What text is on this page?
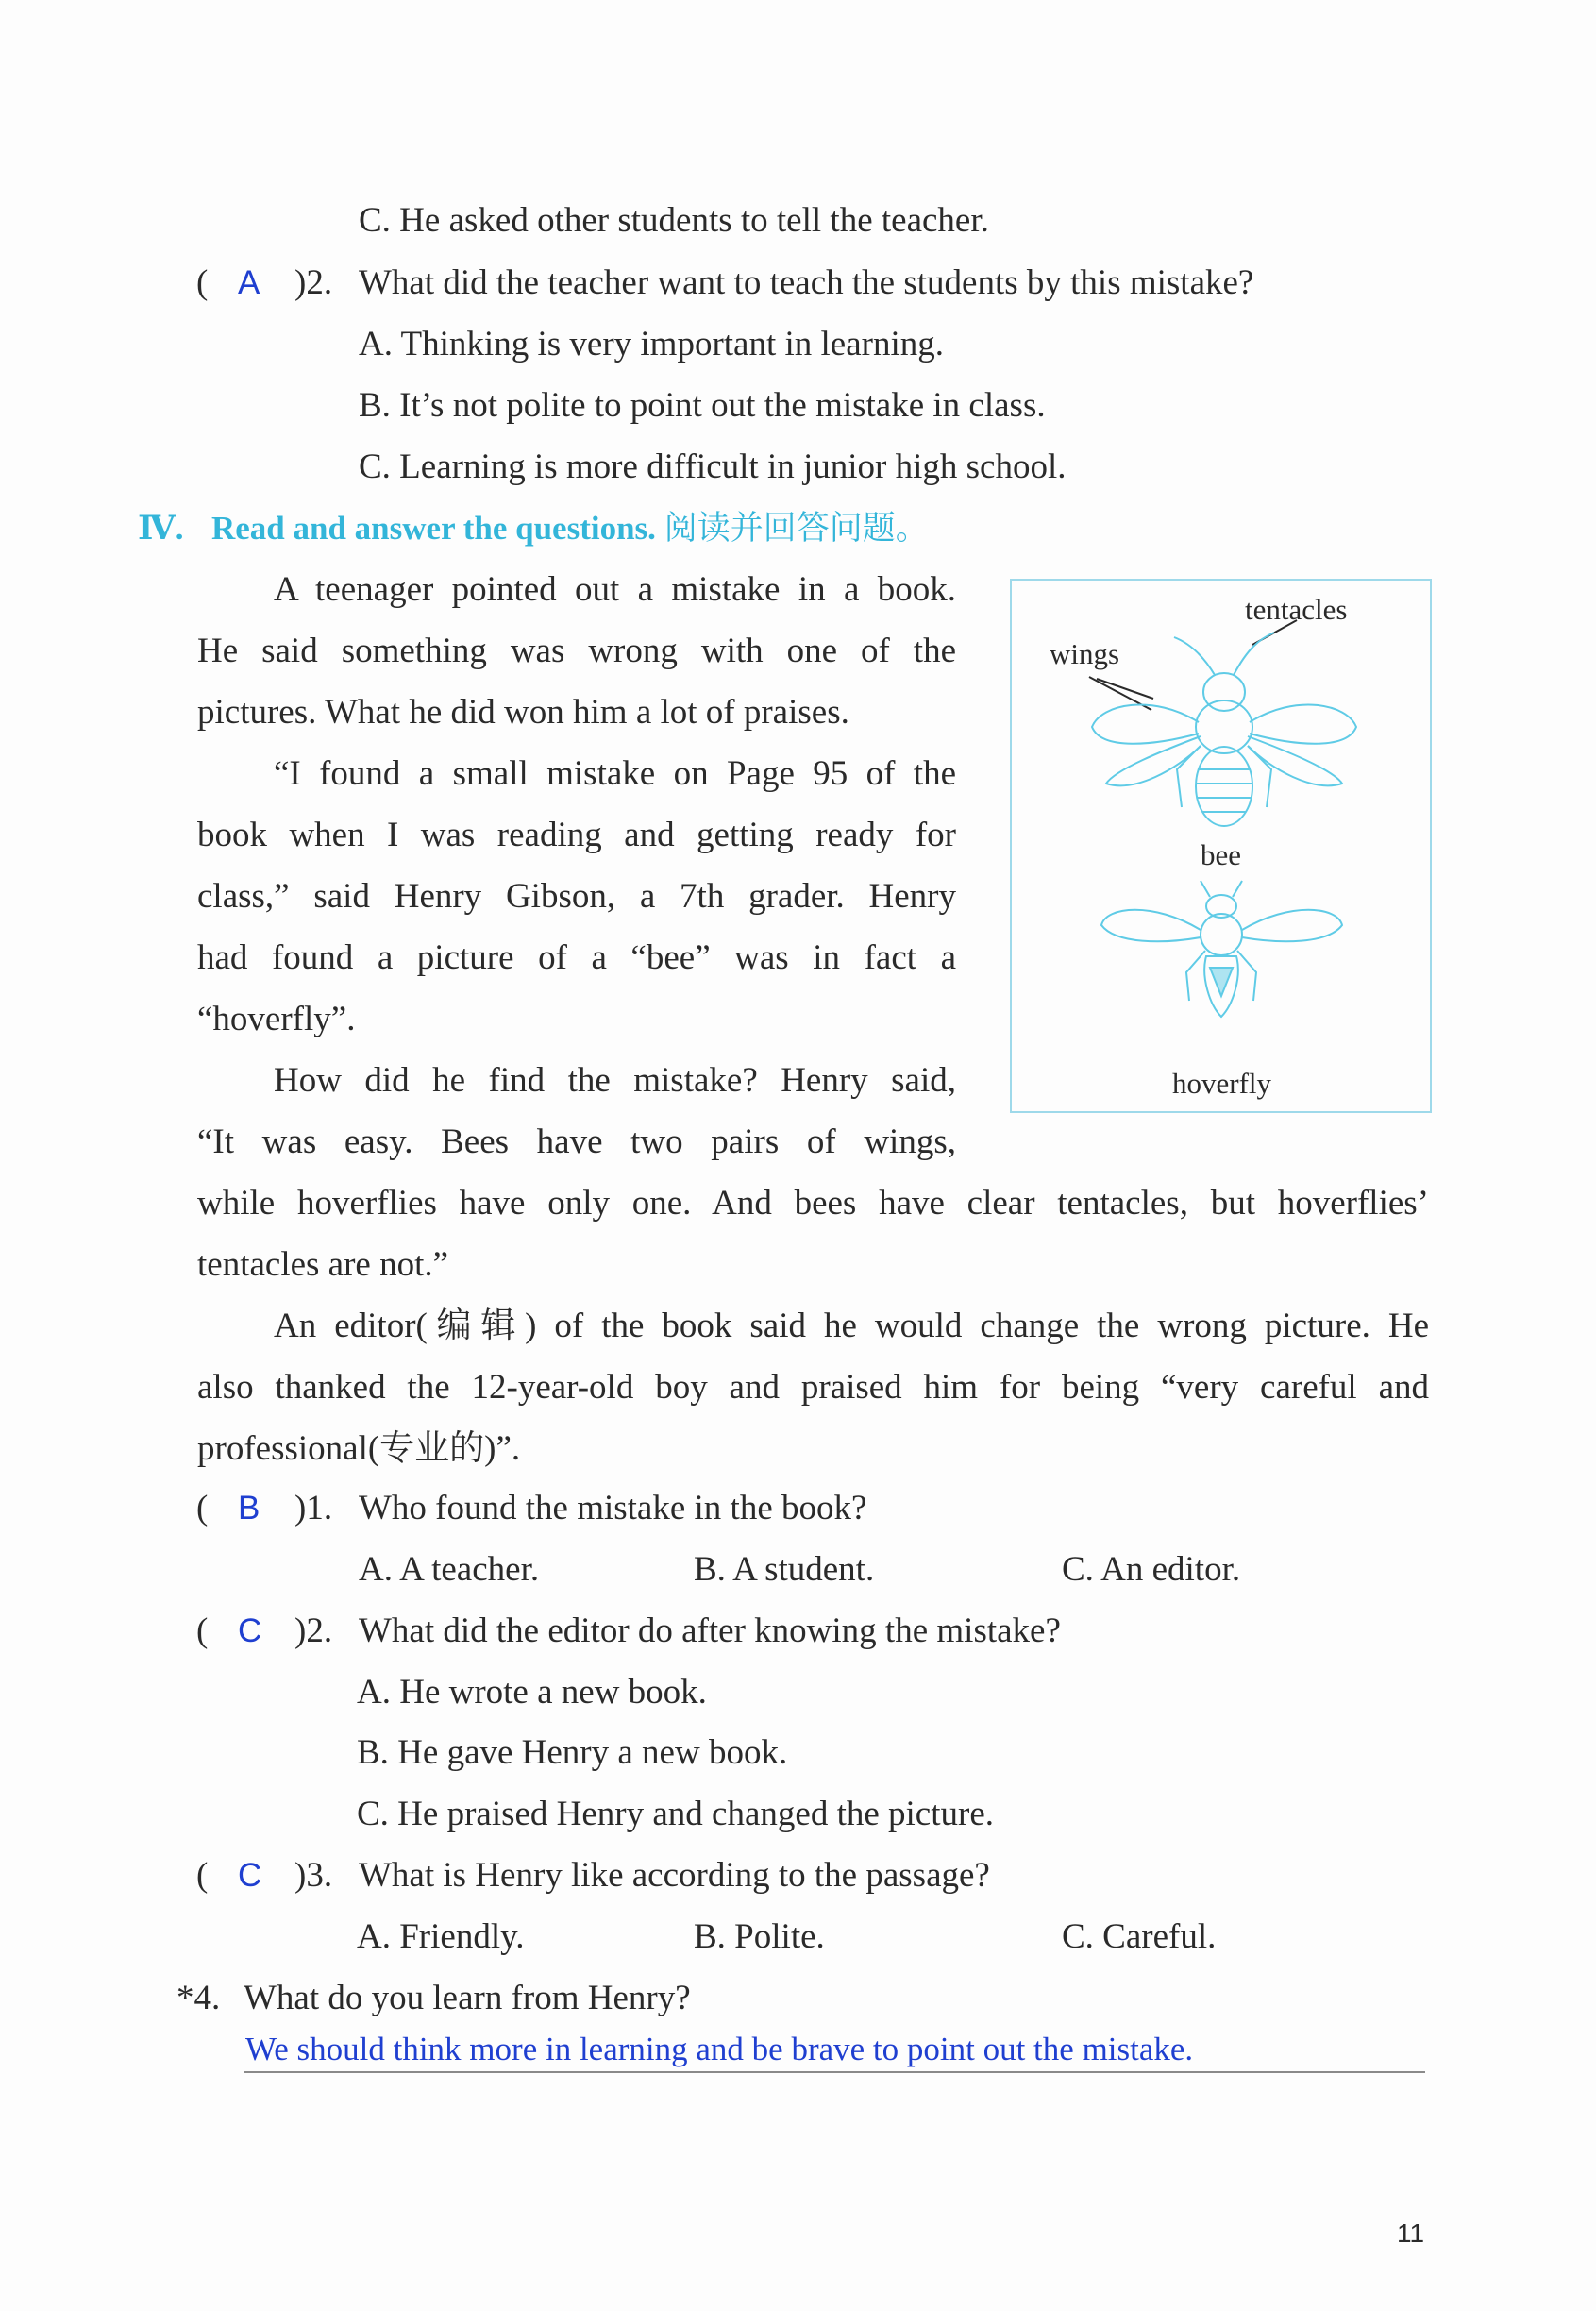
C. He asked other students to tell the teacher.
( A )2. What did the teacher want to teach the students by this mistake?
A. Thinking is very important in learning.
B. It’s not polite to point out the mistake in class.
C. Learning is more difficult in junior high school.
Ⅳ. Read and answer the questions. 阅读并回答问题。
A teenager pointed out a mistake in a book.
He said something was wrong with one of the
pictures. What he did won him a lot of praises.
“I found a small mistake on Page 95 of the
book when I was reading and getting ready for
class,” said Henry Gibson, a 7th grader. Henry
had found a picture of a “bee” was in fact a
“hoverfly”.
How did he find the mistake? Henry said,
“It was easy. Bees have two pairs of wings,
while hoverflies have only one. And bees have clear tentacles, but hoverflies’
tentacles are not.”
An editor(编辑) of the book said he would change the wrong picture. He
also thanked the 12-year-old boy and praised him for being “very careful and
professional(专业的)”.
tentacles
wings
bee
hoverfly
( B )1. Who found the mistake in the book?
A. A teacher.	B. A student.	C. An editor.
( C )2. What did the editor do after knowing the mistake?
A. He wrote a new book.
B. He gave Henry a new book.
C. He praised Henry and changed the picture.
( C )3. What is Henry like according to the passage?
A. Friendly.	B. Polite.	C. Careful.
*4. What do you learn from Henry?
We should think more in learning and be brave to point out the mistake.
11
